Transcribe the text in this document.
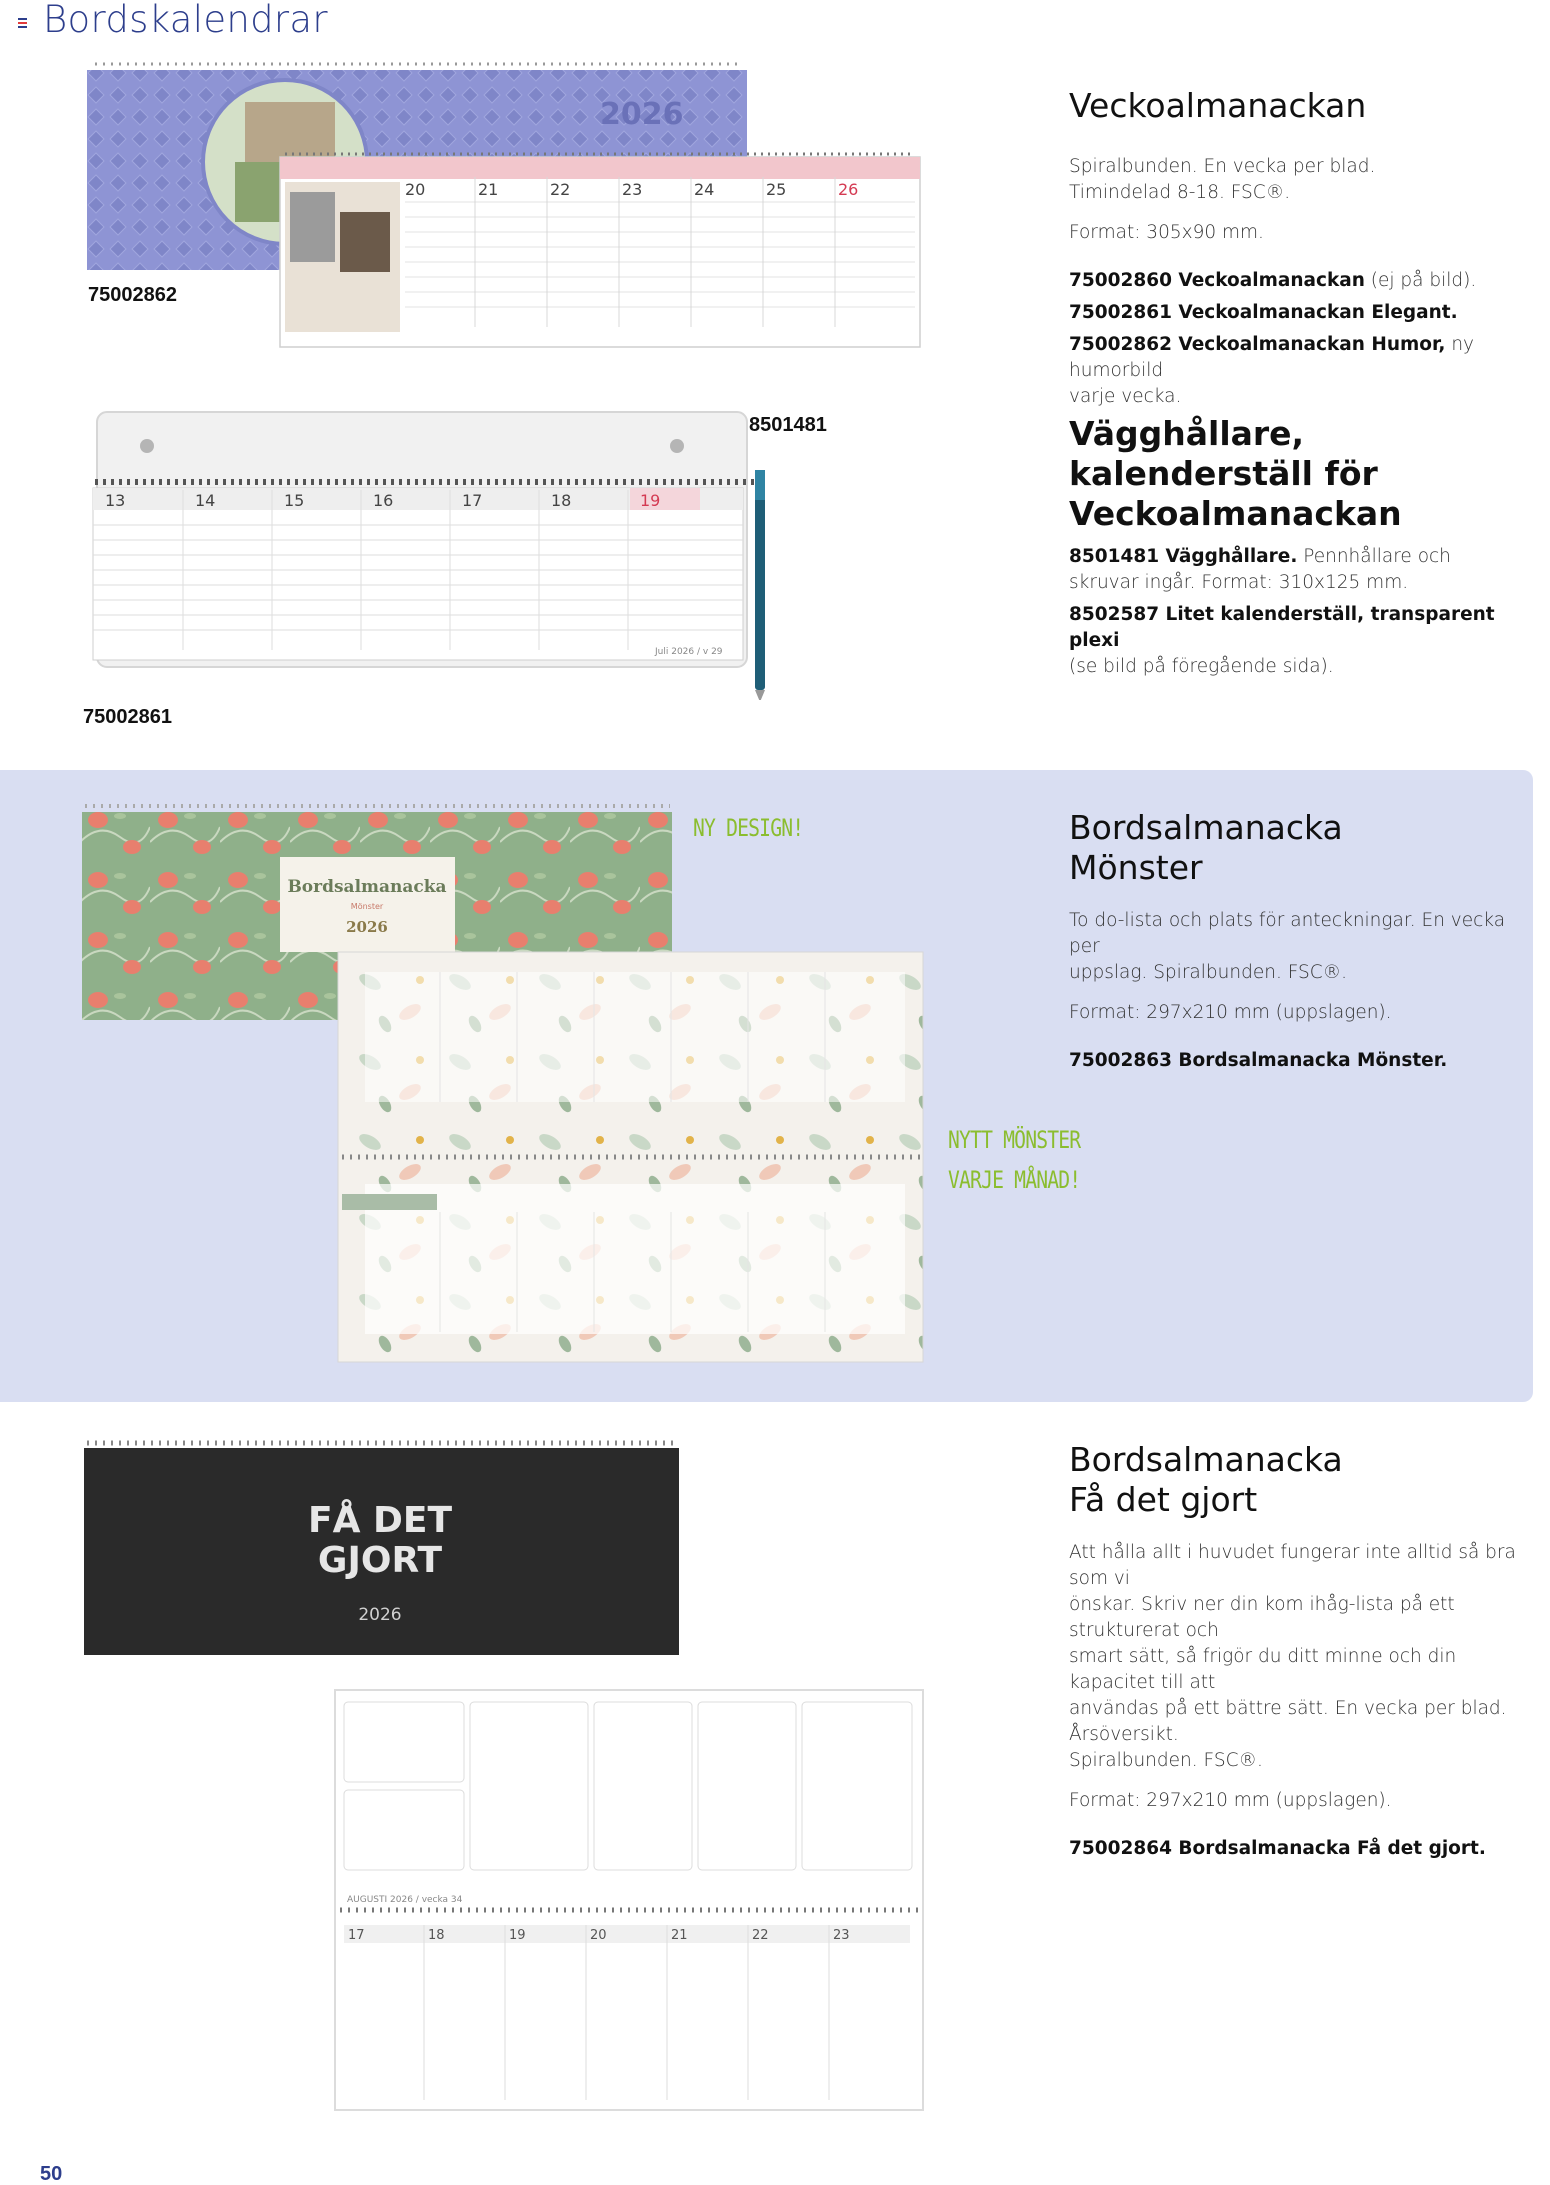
Bordskalendrar
2026
20	21	22	23	24	25	26
75002862
Veckoalmanackan
Spiralbunden. En vecka per blad.
Timindelad 8-18. FSC®.
Format: 305x90 mm.
75002860 Veckoalmanackan (ej på bild).
75002861 Veckoalmanackan Elegant.
75002862 Veckoalmanackan Humor, ny humorbild
varje vecka.
13	14	15	16	17	18	19
Juli 2026 / v 29
8501481
75002861
Vägghållare, kalenderställ för
Veckoalmanackan
8501481 Vägghållare. Pennhållare och
skruvar ingår. Format: 310x125 mm.
8502587 Litet kalenderställ, transparent plexi
(se bild på föregående sida).
Bordsalmanacka
Mönster
2026
NY DESIGN!
NYTT MÖNSTER
VARJE MÅNAD!
Bordsalmanacka
Mönster
To do-lista och plats för anteckningar. En vecka per
uppslag. Spiralbunden. FSC®.
Format: 297x210 mm (uppslagen).
75002863 Bordsalmanacka Mönster.
FÅ DET
GJORT
2026
AUGUSTI 2026 / vecka 34
17	18	19	20	21	22	23
Bordsalmanacka
Få det gjort
Att hålla allt i huvudet fungerar inte alltid så bra som vi
önskar. Skriv ner din kom ihåg-lista på ett strukturerat och
smart sätt, så frigör du ditt minne och din kapacitet till att
användas på ett bättre sätt. En vecka per blad. Årsöversikt.
Spiralbunden. FSC®.
Format: 297x210 mm (uppslagen).
75002864 Bordsalmanacka Få det gjort.
50
